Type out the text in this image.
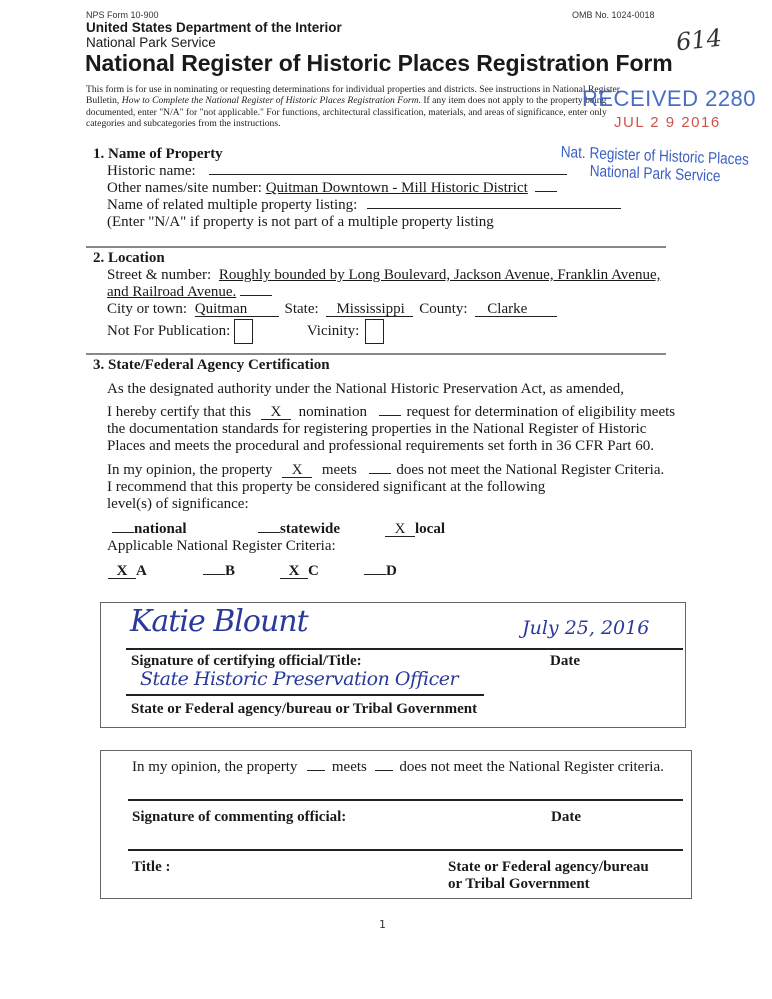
NPS Form 10-900	OMB No. 1024-0018
United States Department of the Interior
National Park Service
National Register of Historic Places Registration Form
614
This form is for use in nominating or requesting determinations for individual properties and districts. See instructions in National Register
Bulletin, How to Complete the National Register of Historic Places Registration Form. If any item does not apply to the property being
documented, enter "N/A" for "not applicable." For functions, architectural classification, materials, and areas of significance, enter only
categories and subcategories from the instructions.
RECEIVED 2280
JUL 2 9 2016
Nat. Register of Historic Places
National Park Service
1. Name of Property
Historic name:
Other names/site number: Quitman Downtown - Mill Historic District
Name of related multiple property listing:
(Enter "N/A" if property is not part of a multiple property listing
2. Location
Street & number: Roughly bounded by Long Boulevard, Jackson Avenue, Franklin Avenue,
and Railroad Avenue.
City or town: Quitman State: Mississippi County: Clarke
Not For Publication:	Vicinity:
3. State/Federal Agency Certification
As the designated authority under the National Historic Preservation Act, as amended,
I hereby certify that this X nomination	request for determination of eligibility meets
the documentation standards for registering properties in the National Register of Historic
Places and meets the procedural and professional requirements set forth in 36 CFR Part 60.
In my opinion, the property X meets	does not meet the National Register Criteria.
I recommend that this property be considered significant at the following
level(s) of significance:
national	statewide	X local
Applicable National Register Criteria:
X A	B	X C	D
Katie Blount	July 25, 2016
Signature of certifying official/Title:	Date
State Historic Preservation Officer
State or Federal agency/bureau or Tribal Government
In my opinion, the property meets does not meet the National Register criteria.
Signature of commenting official:	Date
Title :	State or Federal agency/bureau
or Tribal Government
1
